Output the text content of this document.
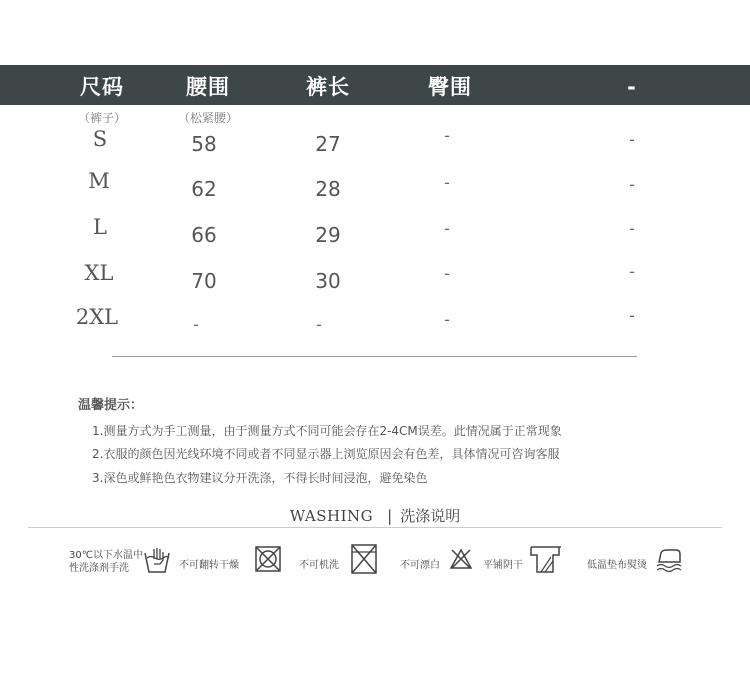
尺码	腰围	裤长	臀围	-
（裤子）	（松紧腰）
S	58	27	-	-
M	62	28	-	-
L	66	29	-	-
XL	70	30	-	-
2XL	-	-	-	-
温馨提示：
1.测量方式为手工测量，由于测量方式不同可能会存在2-4CM误差。此情况属于正常现象
2.衣服的颜色因光线环境不同或者不同显示器上浏览原因会有色差，具体情况可咨询客服
3.深色或鲜艳色衣物建议分开洗涤，不得长时间浸泡，避免染色
WASHING | 洗涤说明
30℃以下水温中
性洗涤剂手洗	不可翻转干燥	不可机洗	不可漂白	平铺阴干	低温垫布熨烫
